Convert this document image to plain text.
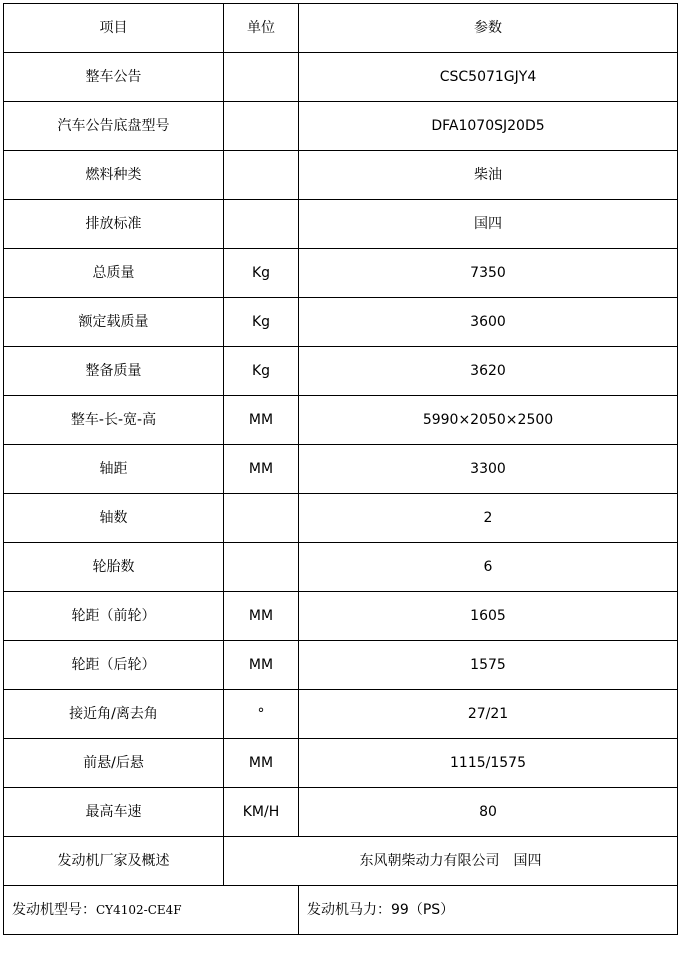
项目	单位	参数
整车公告		CSC5071GJY4
汽车公告底盘型号		DFA1070SJ20D5
燃料种类		柴油
排放标准		国四
总质量	Kg	7350
额定载质量	Kg	3600
整备质量	Kg	3620
整车-长-宽-高	MM	5990×2050×2500
轴距	MM	3300
轴数		2
轮胎数		6
轮距（前轮）	MM	1605
轮距（后轮）	MM	1575
接近角/离去角	°	27/21
前悬/后悬	MM	1115/1575
最高车速	KM/H	80
发动机厂家及概述	东风朝柴动力有限公司　国四	
发动机型号：CY4102-CE4F		发动机马力：99（PS）
